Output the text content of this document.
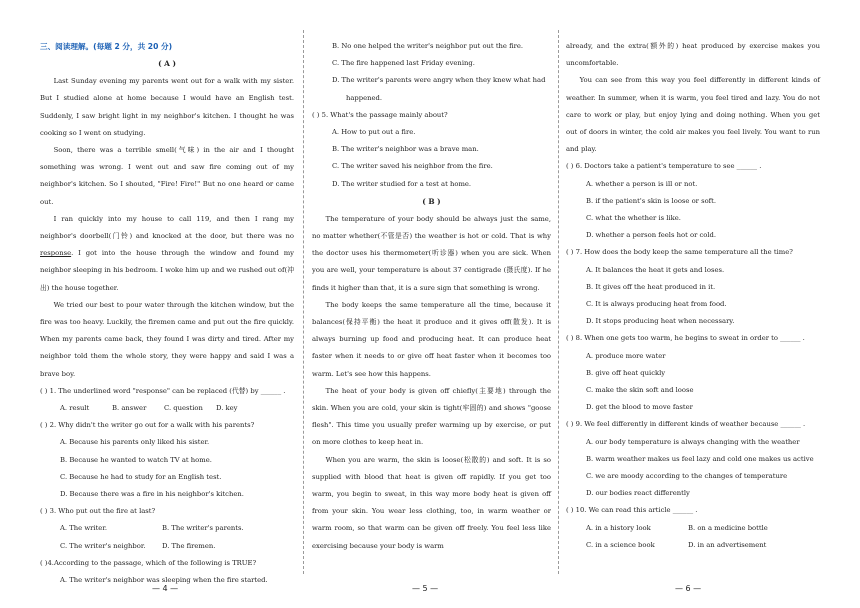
三、阅读理解。(每题 2 分，共 20 分)

( A )

Last Sunday evening my parents went out for a walk with my sister. But I studied alone at home because I would have an English test. Suddenly, I saw bright light in my neighbor's kitchen. I thought he was cooking so I went on studying.

Soon, there was a terrible smell(气味) in the air and I thought something was wrong. I went out and saw fire coming out of my neighbor's kitchen. So I shouted, "Fire! Fire!" But no one heard or came out.

I ran quickly into my house to call 119, and then I rang my neighbor's doorbell(门铃) and knocked at the door, but there was no response. I got into the house through the window and found my neighbor sleeping in his bedroom. I woke him up and we rushed out of(冲出) the house together.

We tried our best to pour water through the kitchen window, but the fire was too heavy. Luckily, the firemen came and put out the fire quickly. When my parents came back, they found I was dirty and tired. After my neighbor told them the whole story, they were happy and said I was a brave boy.

( ) 1. The underlined word "response" can be replaced (代替) by ______ .

A. result	B. answer	C. question	D. key

( ) 2. Why didn't the writer go out for a walk with his parents?

A. Because his parents only liked his sister.

B. Because he wanted to watch TV at home.

C. Because he had to study for an English test.

D. Because there was a fire in his neighbor's kitchen.

( ) 3. Who put out the fire at last?

A. The writer.	B. The writer's parents.
C. The writer's neighbor.	D. The firemen.

( )4.According to the passage, which of the following is TRUE?

A. The writer's neighbor was sleeping when the fire started.

B. No one helped the writer's neighbor put out the fire.

C. The fire happened last Friday evening.

D. The writer's parents were angry when they knew what had

happened.

( ) 5. What's the passage mainly about?

A. How to put out a fire.

B. The writer's neighbor was a brave man.

C. The writer saved his neighbor from the fire.

D. The writer studied for a test at home.

( B )

The temperature of your body should be always just the same, no matter whether(不管是否) the weather is hot or cold. That is why the doctor uses his thermometer(听诊器) when you are sick. When you are well, your temperature is about 37 centigrade (摄氏度). If he finds it higher than that, it is a sure sign that something is wrong.

The body keeps the same temperature all the time, because it balances(保持平衡) the heat it produce and it gives off(散发). It is always burning up food and producing heat. It can produce heat faster when it needs to or give off heat faster when it becomes too warm. Let's see how this happens.

The heat of your body is given off chiefly(主要地) through the skin. When you are cold, your skin is tight(牢固的) and shows "goose flesh". This time you usually prefer warming up by exercise, or put on more clothes to keep heat in.

When you are warm, the skin is loose(松散的) and soft. It is so supplied with blood that heat is given off rapidly. If you get too warm, you begin to sweat, in this way more body heat is given off from your skin. You wear less clothing, too, in warm weather or warm room, so that warm can be given off freely. You feel less like exercising because your body is warm

already, and the extra(额外的) heat produced by exercise makes you uncomfortable.

You can see from this way you feel differently in different kinds of weather. In summer, when it is warm, you feel tired and lazy. You do not care to work or play, but enjoy lying and doing nothing. When you get out of doors in winter, the cold air makes you feel lively. You want to run and play.

( ) 6. Doctors take a patient's temperature to see ______ .

A. whether a person is ill or not.

B. if the patient's skin is loose or soft.

C. what the whether is like.

D. whether a person feels hot or cold.

( ) 7. How does the body keep the same temperature all the time?

A. It balances the heat it gets and loses.

B. It gives off the heat produced in it.

C. It is always producing heat from food.

D. It stops producing heat when necessary.

( ) 8. When one gets too warm, he begins to sweat in order to ______ .

A. produce more water

B. give off heat quickly

C. make the skin soft and loose

D. get the blood to move faster

( ) 9. We feel differently in different kinds of weather because ______ .

A. our body temperature is always changing with the weather

B. warm weather makes us feel lazy and cold one makes us active

C. we are moody according to the changes of temperature

D. our bodies react differently

( ) 10. We can read this article ______ .

A. in a history look	B. on a medicine bottle
C. in a science book	D. in an advertisement
— 4 —	— 5 —	— 6 —
